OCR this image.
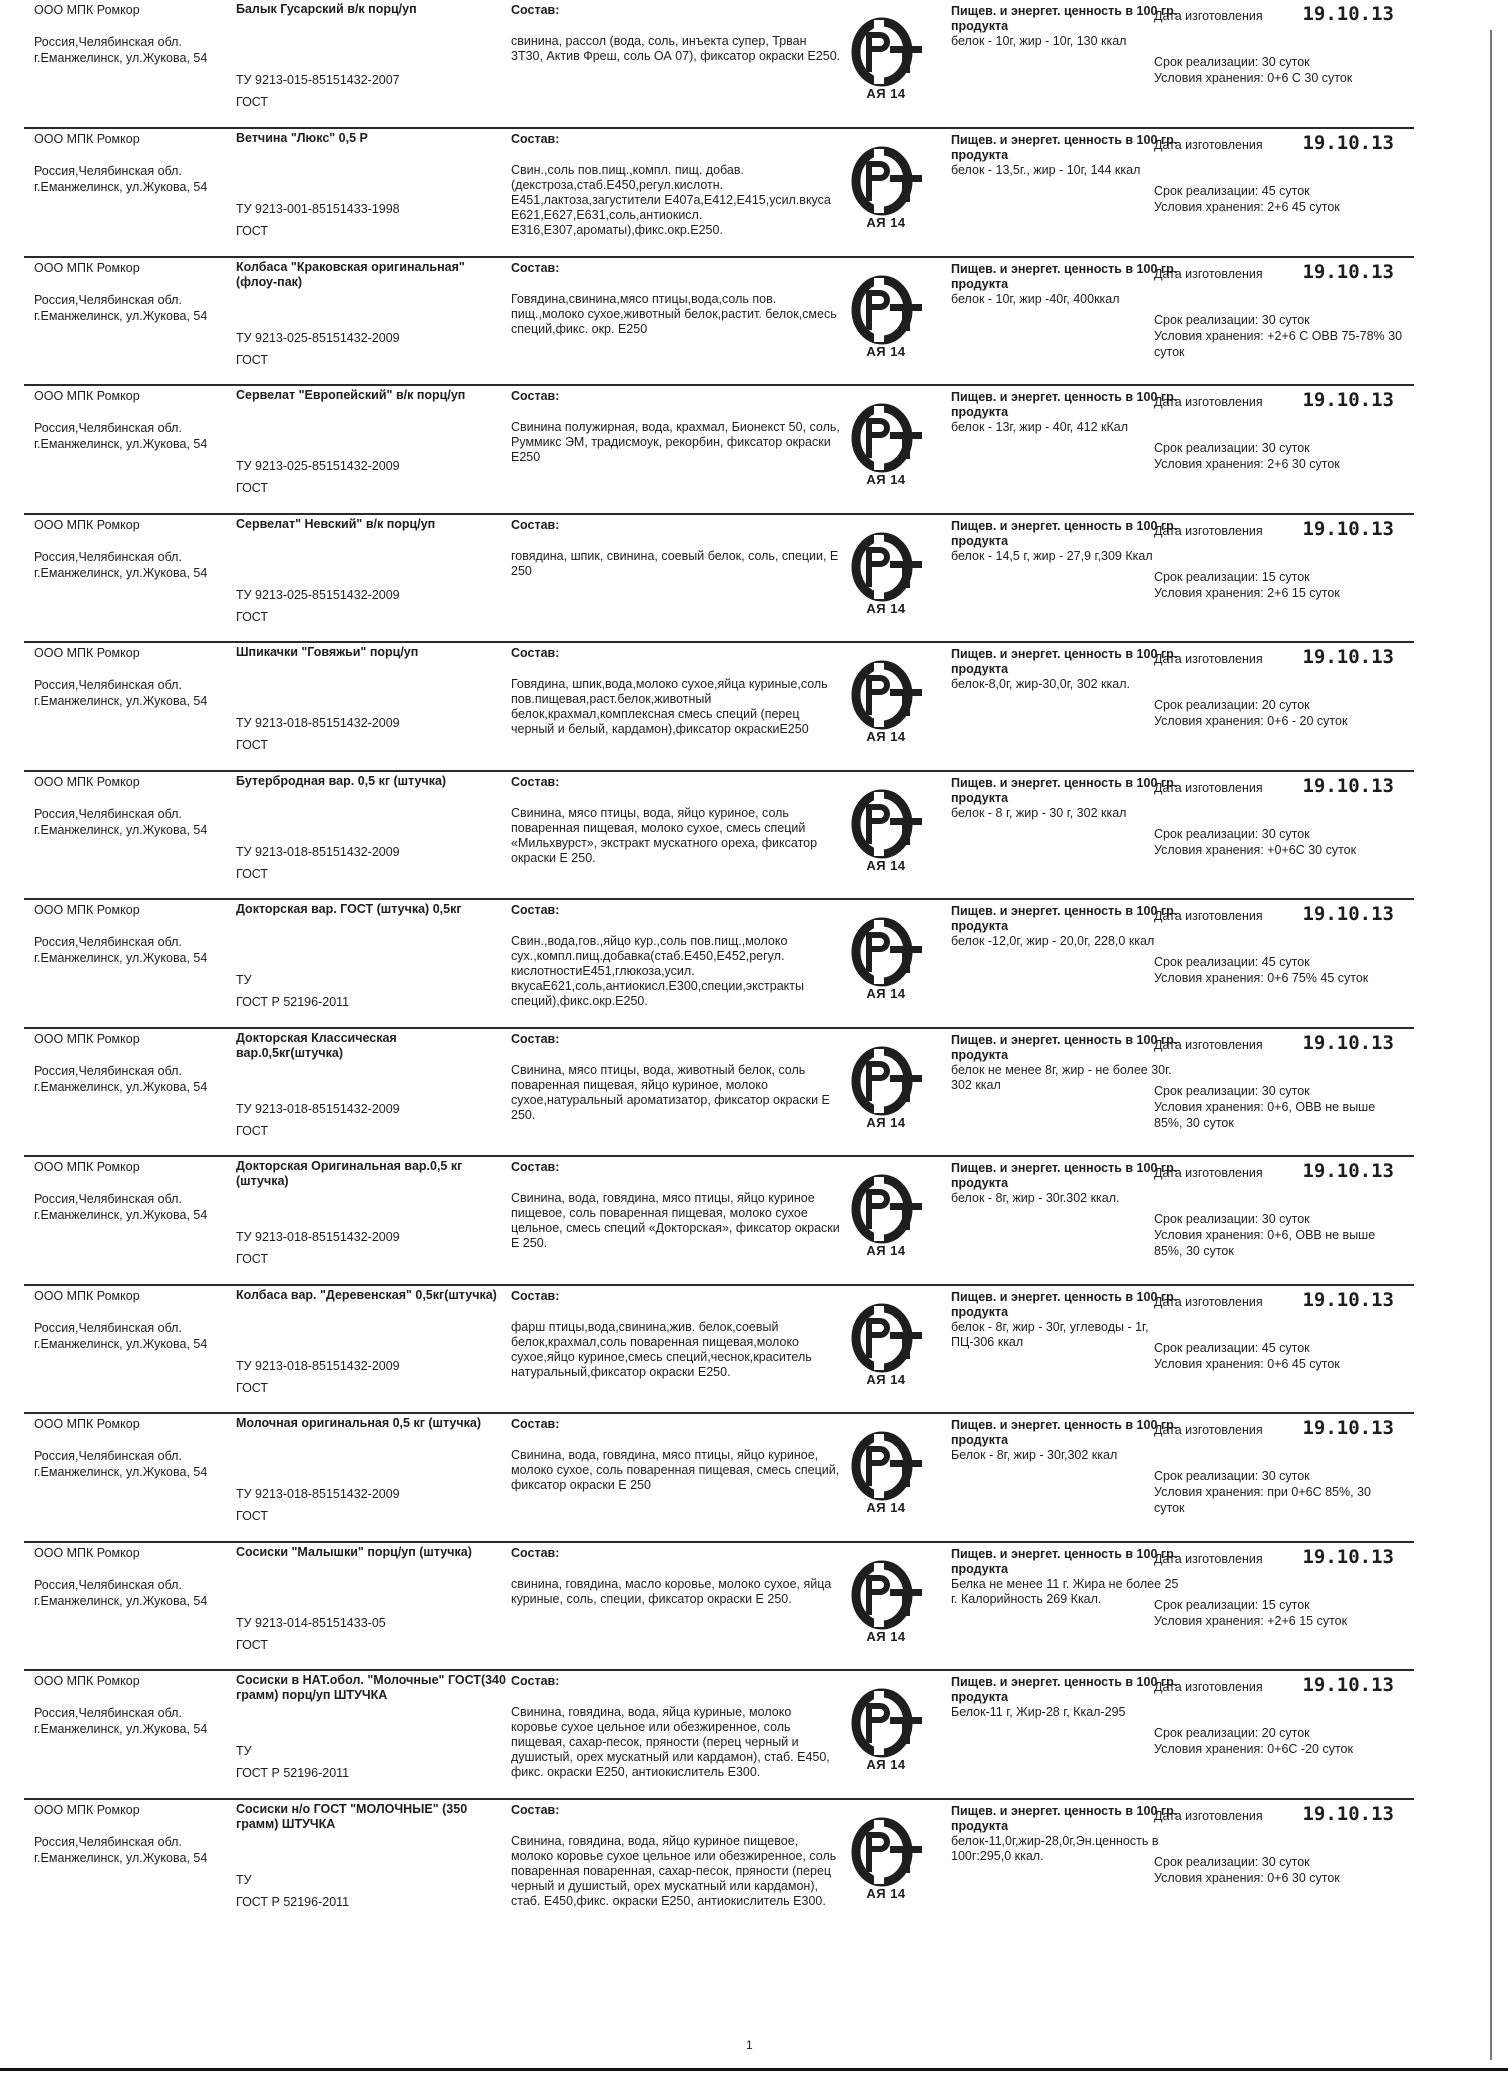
ООО МПК Ромкор
Россия,Челябинская обл.
г.Еманжелинск, ул.Жукова, 54
Балык Гусарский в/к порц/уп
ТУ 9213-015-85151432-2007
ГОСТ
Состав:
свинина, рассол (вода, соль, инъекта супер, Трван 3Т30, Актив Фреш, соль ОА 07), фиксатор окраски Е250.
АЯ 14
Пищев. и энергет. ценность в 100 гр. продукта
белок - 10г, жир - 10г, 130 ккал
Дата изготовления 19.10.13
Срок реализации: 30 суток
Условия хранения: 0+6 С 30 суток
ООО МПК Ромкор
Россия,Челябинская обл.
г.Еманжелинск, ул.Жукова, 54
Ветчина "Люкс" 0,5 Р
ТУ 9213-001-85151433-1998
ГОСТ
Состав:
Свин.,соль пов.пищ.,компл. пищ. добав.(декстроза,стаб.Е450,регул.кислотн. Е451,лактоза,загустители Е407а,Е412,Е415,усил.вкуса Е621,Е627,Е631,соль,антиокисл. Е316,Е307,ароматы),фикс.окр.Е250.	АЯ 14
Пищев. и энергет. ценность в 100 гр. продукта
белок - 13,5г., жир - 10г, 144 ккал
Дата изготовления 19.10.13
Срок реализации: 45 суток
Условия хранения: 2+6 45 суток
ООО МПК Ромкор
Россия,Челябинская обл.
г.Еманжелинск, ул.Жукова, 54
Колбаса "Краковская оригинальная" (флоу-пак)
ТУ 9213-025-85151432-2009
ГОСТ
Состав:
Говядина,свинина,мясо птицы,вода,соль пов. пищ.,молоко сухое,животный белок,растит. белок,смесь специй,фикс. окр. Е250
АЯ 14
Пищев. и энергет. ценность в 100 гр. продукта
белок - 10г, жир -40г, 400ккал
Дата изготовления 19.10.13
Срок реализации: 30 суток
Условия хранения: +2+6 С ОВВ 75-78% 30 суток
ООО МПК Ромкор
Россия,Челябинская обл.
г.Еманжелинск, ул.Жукова, 54
Сервелат "Европейский" в/к порц/уп
ТУ 9213-025-85151432-2009
ГОСТ
Состав:
Свинина полужирная, вода, крахмал, Бионекст 50, соль, Руммикс ЭМ, традисмоук, рекорбин, фиксатор окраски Е250
АЯ 14
Пищев. и энергет. ценность в 100 гр. продукта
белок - 13г, жир - 40г, 412 кКал
Дата изготовления 19.10.13
Срок реализации: 30 суток
Условия хранения: 2+6 30 суток
ООО МПК Ромкор
Россия,Челябинская обл.
г.Еманжелинск, ул.Жукова, 54
Сервелат" Невский" в/к порц/уп
ТУ 9213-025-85151432-2009
ГОСТ
Состав:
говядина, шпик, свинина, соевый белок, соль, специи, Е 250
АЯ 14
Пищев. и энергет. ценность в 100 гр. продукта
белок - 14,5 г, жир - 27,9 г,309 Ккал
Дата изготовления 19.10.13
Срок реализации: 15 суток
Условия хранения: 2+6 15 суток
ООО МПК Ромкор
Россия,Челябинская обл.
г.Еманжелинск, ул.Жукова, 54
Шпикачки "Говяжьи" порц/уп
ТУ 9213-018-85151432-2009
ГОСТ
Состав:
Говядина, шпик,вода,молоко сухое,яйца куриные,соль пов.пищевая,раст.белок,животный белок,крахмал,комплексная смесь специй (перец черный и белый, кардамон),фиксатор окраскиЕ250	АЯ 14
Пищев. и энергет. ценность в 100 гр. продукта
белок-8,0г, жир-30,0г, 302 ккал.
Дата изготовления 19.10.13
Срок реализации: 20 суток
Условия хранения: 0+6 - 20 суток
ООО МПК Ромкор
Россия,Челябинская обл.
г.Еманжелинск, ул.Жукова, 54
Бутербродная вар. 0,5 кг (штучка)
ТУ 9213-018-85151432-2009
ГОСТ
Состав:
Свинина, мясо птицы, вода, яйцо куриное, соль поваренная пищевая, молоко сухое, смесь специй «Мильхвурст», экстракт мускатного ореха, фиксатор окраски Е 250.	АЯ 14
Пищев. и энергет. ценность в 100 гр. продукта
белок - 8 г, жир - 30 г, 302 ккал
Дата изготовления 19.10.13
Срок реализации: 30 суток
Условия хранения: +0+6С 30 суток
ООО МПК Ромкор
Россия,Челябинская обл.
г.Еманжелинск, ул.Жукова, 54
Докторская вар. ГОСТ (штучка) 0,5кг
ТУ
ГОСТ Р 52196-2011
Состав:
Свин.,вода,гов.,яйцо кур.,соль пов.пищ.,молоко сух.,компл.пищ.добавка(стаб.Е450,Е452,регул. кислотностиЕ451,глюкоза,усил. вкусаЕ621,соль,антиокисл.Е300,специи,экстракты специй),фикс.окр.Е250.	АЯ 14
Пищев. и энергет. ценность в 100 гр. продукта
белок -12,0г, жир - 20,0г, 228,0 ккал
Дата изготовления 19.10.13
Срок реализации: 45 суток
Условия хранения: 0+6 75% 45 суток
ООО МПК Ромкор
Россия,Челябинская обл.
г.Еманжелинск, ул.Жукова, 54
Докторская Классическая вар.0,5кг(штучка)
ТУ 9213-018-85151432-2009
ГОСТ
Состав:
Свинина, мясо птицы, вода, животный белок, соль поваренная пищевая, яйцо куриное, молоко сухое,натуральный ароматизатор, фиксатор окраски Е 250.	АЯ 14
Пищев. и энергет. ценность в 100 гр. продукта
белок не менее 8г, жир - не более 30г. 302 ккал
Дата изготовления 19.10.13
Срок реализации: 30 суток
Условия хранения: 0+6, ОВВ не выше 85%, 30 суток
ООО МПК Ромкор
Россия,Челябинская обл.
г.Еманжелинск, ул.Жукова, 54
Докторская Оригинальная вар.0,5 кг (штучка)
ТУ 9213-018-85151432-2009
ГОСТ
Состав:
Свинина, вода, говядина, мясо птицы, яйцо куриное пищевое, соль поваренная пищевая, молоко сухое цельное, смесь специй «Докторская», фиксатор окраски Е 250.	АЯ 14
Пищев. и энергет. ценность в 100 гр. продукта
белок - 8г, жир - 30г.302 ккал.
Дата изготовления 19.10.13
Срок реализации: 30 суток
Условия хранения: 0+6, ОВВ не выше 85%, 30 суток
ООО МПК Ромкор
Россия,Челябинская обл.
г.Еманжелинск, ул.Жукова, 54
Колбаса вар. "Деревенская" 0,5кг(штучка)
ТУ 9213-018-85151432-2009
ГОСТ
Состав:
фарш птицы,вода,свинина,жив. белок,соевый белок,крахмал,соль поваренная пищевая,молоко сухое,яйцо куриное,смесь специй,чеснок,краситель натуральный,фиксатор окраски Е250.	АЯ 14
Пищев. и энергет. ценность в 100 гр. продукта
белок - 8г, жир - 30г, углеводы - 1г, ПЦ-306 ккал
Дата изготовления 19.10.13
Срок реализации: 45 суток
Условия хранения: 0+6 45 суток
ООО МПК Ромкор
Россия,Челябинская обл.
г.Еманжелинск, ул.Жукова, 54
Молочная оригинальная 0,5 кг (штучка)
ТУ 9213-018-85151432-2009
ГОСТ
Состав:
Свинина, вода, говядина, мясо птицы, яйцо куриное, молоко сухое, соль поваренная пищевая, смесь специй, фиксатор окраски Е 250
АЯ 14
Пищев. и энергет. ценность в 100 гр. продукта
Белок - 8г, жир - 30г,302 ккал
Дата изготовления 19.10.13
Срок реализации: 30 суток
Условия хранения: при 0+6С 85%, 30 суток
ООО МПК Ромкор
Россия,Челябинская обл.
г.Еманжелинск, ул.Жукова, 54
Сосиски "Малышки" порц/уп (штучка)
ТУ 9213-014-85151433-05
ГОСТ
Состав:
свинина, говядина, масло коровье, молоко сухое, яйца куриные, соль, специи, фиксатор окраски Е 250.
АЯ 14
Пищев. и энергет. ценность в 100 гр. продукта
Белка не менее 11 г. Жира не более 25 г. Калорийность 269 Ккал.
Дата изготовления 19.10.13
Срок реализации: 15 суток
Условия хранения: +2+6 15 суток
ООО МПК Ромкор
Россия,Челябинская обл.
г.Еманжелинск, ул.Жукова, 54
Сосиски в НАТ.обол. "Молочные" ГОСТ(340 грамм) порц/уп ШТУЧКА
ТУ
ГОСТ Р 52196-2011
Состав:
Свинина, говядина, вода, яйца куриные, молоко коровье сухое цельное или обезжиренное, соль пищевая, сахар-песок, пряности (перец черный и душистый, орех мускатный или кардамон), стаб. Е450, фикс. окраски Е250, антиокислитель Е300.	АЯ 14
Пищев. и энергет. ценность в 100 гр. продукта
Белок-11 г, Жир-28 г, Ккал-295
Дата изготовления 19.10.13
Срок реализации: 20 суток
Условия хранения: 0+6С -20 суток
ООО МПК Ромкор
Россия,Челябинская обл.
г.Еманжелинск, ул.Жукова, 54
Сосиски н/о ГОСТ "МОЛОЧНЫЕ" (350 грамм) ШТУЧКА
ТУ
ГОСТ Р 52196-2011
Состав:
Свинина, говядина, вода, яйцо куриное пищевое, молоко коровье сухое цельное или обезжиренное, соль поваренная поваренная, сахар-песок, пряности (перец черный и душистый, орех мускатный или кардамон), стаб. Е450,фикс. окраски Е250, антиокислитель Е300.	АЯ 14
Пищев. и энергет. ценность в 100 гр. продукта
белок-11,0г,жир-28,0г,Эн.ценность в 100г:295,0 ккал.
Дата изготовления 19.10.13
Срок реализации: 30 суток
Условия хранения: 0+6 30 суток
1
